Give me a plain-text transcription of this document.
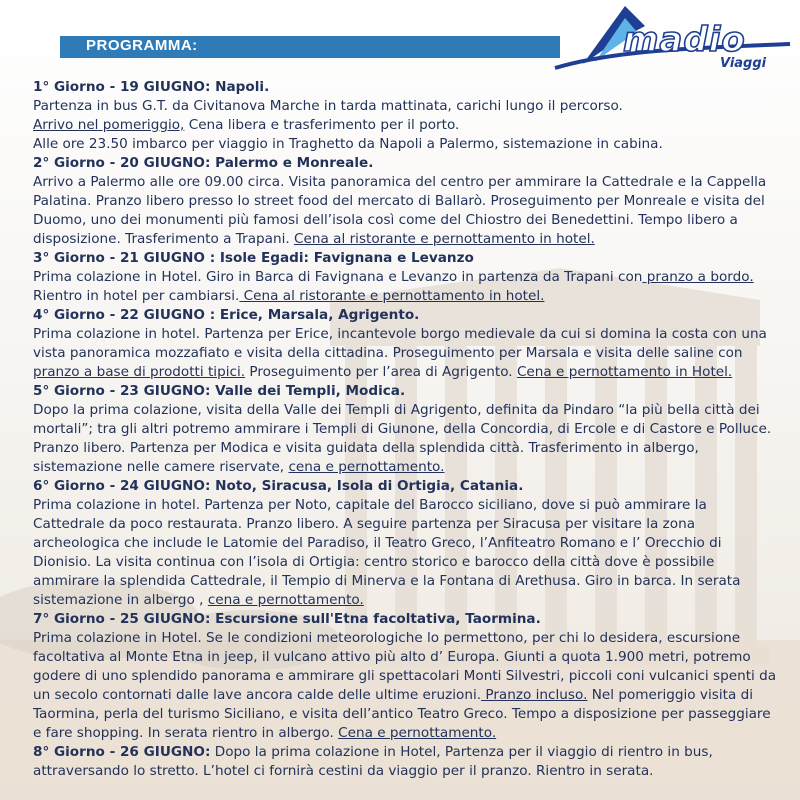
PROGRAMMA:	madio
Viaggi

1° Giorno - 19 GIUGNO: Napoli.

Partenza in bus G.T. da Civitanova Marche in tarda mattinata, carichi lungo il percorso.

Arrivo nel pomeriggio, Cena libera e trasferimento per il porto.

Alle ore 23.50 imbarco per viaggio in Traghetto da Napoli a Palermo, sistemazione in cabina.

2° Giorno - 20 GIUGNO: Palermo e Monreale.

Arrivo a Palermo alle ore 09.00 circa. Visita panoramica del centro per ammirare la Cattedrale e la Cappella Palatina. Pranzo libero presso lo street food del mercato di Ballarò. Proseguimento per Monreale e visita del Duomo, uno dei monumenti più famosi dell’isola così come del Chiostro dei Benedettini. Tempo libero a disposizione. Trasferimento a Trapani. Cena al ristorante e pernottamento in hotel.

3° Giorno - 21 GIUGNO : Isole Egadi: Favignana e Levanzo

Prima colazione in Hotel. Giro in Barca di Favignana e Levanzo in partenza da Trapani con pranzo a bordo. Rientro in hotel per cambiarsi. Cena al ristorante e pernottamento in hotel.

4° Giorno - 22 GIUGNO : Erice, Marsala, Agrigento.

Prima colazione in hotel. Partenza per Erice, incantevole borgo medievale da cui si domina la costa con una vista panoramica mozzafiato e visita della cittadina. Proseguimento per Marsala e visita delle saline con pranzo a base di prodotti tipici. Proseguimento per l’area di Agrigento. Cena e pernottamento in Hotel.

5° Giorno - 23 GIUGNO: Valle dei Templi, Modica.

Dopo la prima colazione, visita della Valle dei Templi di Agrigento, definita da Pindaro “la più bella città dei mortali”; tra gli altri potremo ammirare i Templi di Giunone, della Concordia, di Ercole e di Castore e Polluce. Pranzo libero. Partenza per Modica e visita guidata della splendida città. Trasferimento in albergo, sistemazione nelle camere riservate, cena e pernottamento.

6° Giorno - 24 GIUGNO: Noto, Siracusa, Isola di Ortigia, Catania.

Prima colazione in hotel. Partenza per Noto, capitale del Barocco siciliano, dove si può ammirare la Cattedrale da poco restaurata. Pranzo libero. A seguire partenza per Siracusa per visitare la zona archeologica che include le Latomie del Paradiso, il Teatro Greco, l’Anfiteatro Romano e l’ Orecchio di Dionisio. La visita continua con l’isola di Ortigia: centro storico e barocco della città dove è possibile ammirare la splendida Cattedrale, il Tempio di Minerva e la Fontana di Arethusa. Giro in barca. In serata sistemazione in albergo , cena e pernottamento.

7° Giorno - 25 GIUGNO: Escursione sull'Etna facoltativa, Taormina.

Prima colazione in Hotel. Se le condizioni meteorologiche lo permettono, per chi lo desidera, escursione facoltativa al Monte Etna in jeep, il vulcano attivo più alto d’ Europa. Giunti a quota 1.900 metri, potremo godere di uno splendido panorama e ammirare gli spettacolari Monti Silvestri, piccoli coni vulcanici spenti da un secolo contornati dalle lave ancora calde delle ultime eruzioni. Pranzo incluso. Nel pomeriggio visita di Taormina, perla del turismo Siciliano, e visita dell’antico Teatro Greco. Tempo a disposizione per passeggiare e fare shopping. In serata rientro in albergo. Cena e pernottamento.

8° Giorno - 26 GIUGNO: Dopo la prima colazione in Hotel, Partenza per il viaggio di rientro in bus, attraversando lo stretto. L’hotel ci fornirà cestini da viaggio per il pranzo. Rientro in serata.
